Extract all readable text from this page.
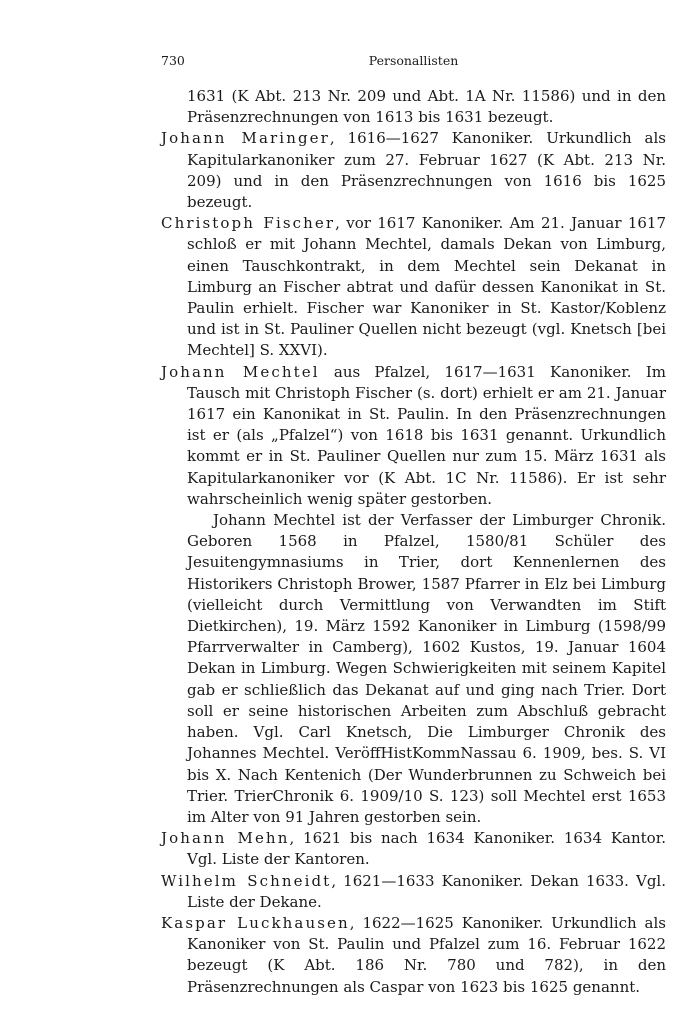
730	Personallisten
1631 (K Abt. 213 Nr. 209 und Abt. 1A Nr. 11586) und in den Präsenzrechnungen von 1613 bis 1631 bezeugt.
Johann Maringer, 1616—1627 Kanoniker. Urkundlich als Kapitularkanoniker zum 27. Februar 1627 (K Abt. 213 Nr. 209) und in den Präsenzrechnungen von 1616 bis 1625 bezeugt.
Christoph Fischer, vor 1617 Kanoniker. Am 21. Januar 1617 schloß er mit Johann Mechtel, damals Dekan von Limburg, einen Tauschkontrakt, in dem Mechtel sein Dekanat in Limburg an Fischer abtrat und dafür dessen Kanonikat in St. Paulin erhielt. Fischer war Kanoniker in St. Kastor/Koblenz und ist in St. Pauliner Quellen nicht bezeugt (vgl. Knetsch [bei Mechtel] S. XXVI).
Johann Mechtel aus Pfalzel, 1617—1631 Kanoniker. Im Tausch mit Christoph Fischer (s. dort) erhielt er am 21. Januar 1617 ein Kanonikat in St. Paulin. In den Präsenzrechnungen ist er (als „Pfalzel“) von 1618 bis 1631 genannt. Urkundlich kommt er in St. Pauliner Quellen nur zum 15. März 1631 als Kapitularkanoniker vor (K Abt. 1C Nr. 11586). Er ist sehr wahrscheinlich wenig später gestorben.
Johann Mechtel ist der Verfasser der Limburger Chronik. Geboren 1568 in Pfalzel, 1580/81 Schüler des Jesuitengymnasiums in Trier, dort Kennenlernen des Historikers Christoph Brower, 1587 Pfarrer in Elz bei Limburg (vielleicht durch Vermittlung von Verwandten im Stift Dietkirchen), 19. März 1592 Kanoniker in Limburg (1598/99 Pfarrverwalter in Camberg), 1602 Kustos, 19. Januar 1604 Dekan in Limburg. Wegen Schwierigkeiten mit seinem Kapitel gab er schließlich das Dekanat auf und ging nach Trier. Dort soll er seine historischen Arbeiten zum Abschluß gebracht haben. Vgl. Carl Knetsch, Die Limburger Chronik des Johannes Mechtel. VeröffHistKommNassau 6. 1909, bes. S. VI bis X. Nach Kentenich (Der Wunderbrunnen zu Schweich bei Trier. TrierChronik 6. 1909/10 S. 123) soll Mechtel erst 1653 im Alter von 91 Jahren gestorben sein.
Johann Mehn, 1621 bis nach 1634 Kanoniker. 1634 Kantor. Vgl. Liste der Kantoren.
Wilhelm Schneidt, 1621—1633 Kanoniker. Dekan 1633. Vgl. Liste der Dekane.
Kaspar Luckhausen, 1622—1625 Kanoniker. Urkundlich als Kanoniker von St. Paulin und Pfalzel zum 16. Februar 1622 bezeugt (K Abt. 186 Nr. 780 und 782), in den Präsenzrechnungen als Caspar von 1623 bis 1625 genannt.
